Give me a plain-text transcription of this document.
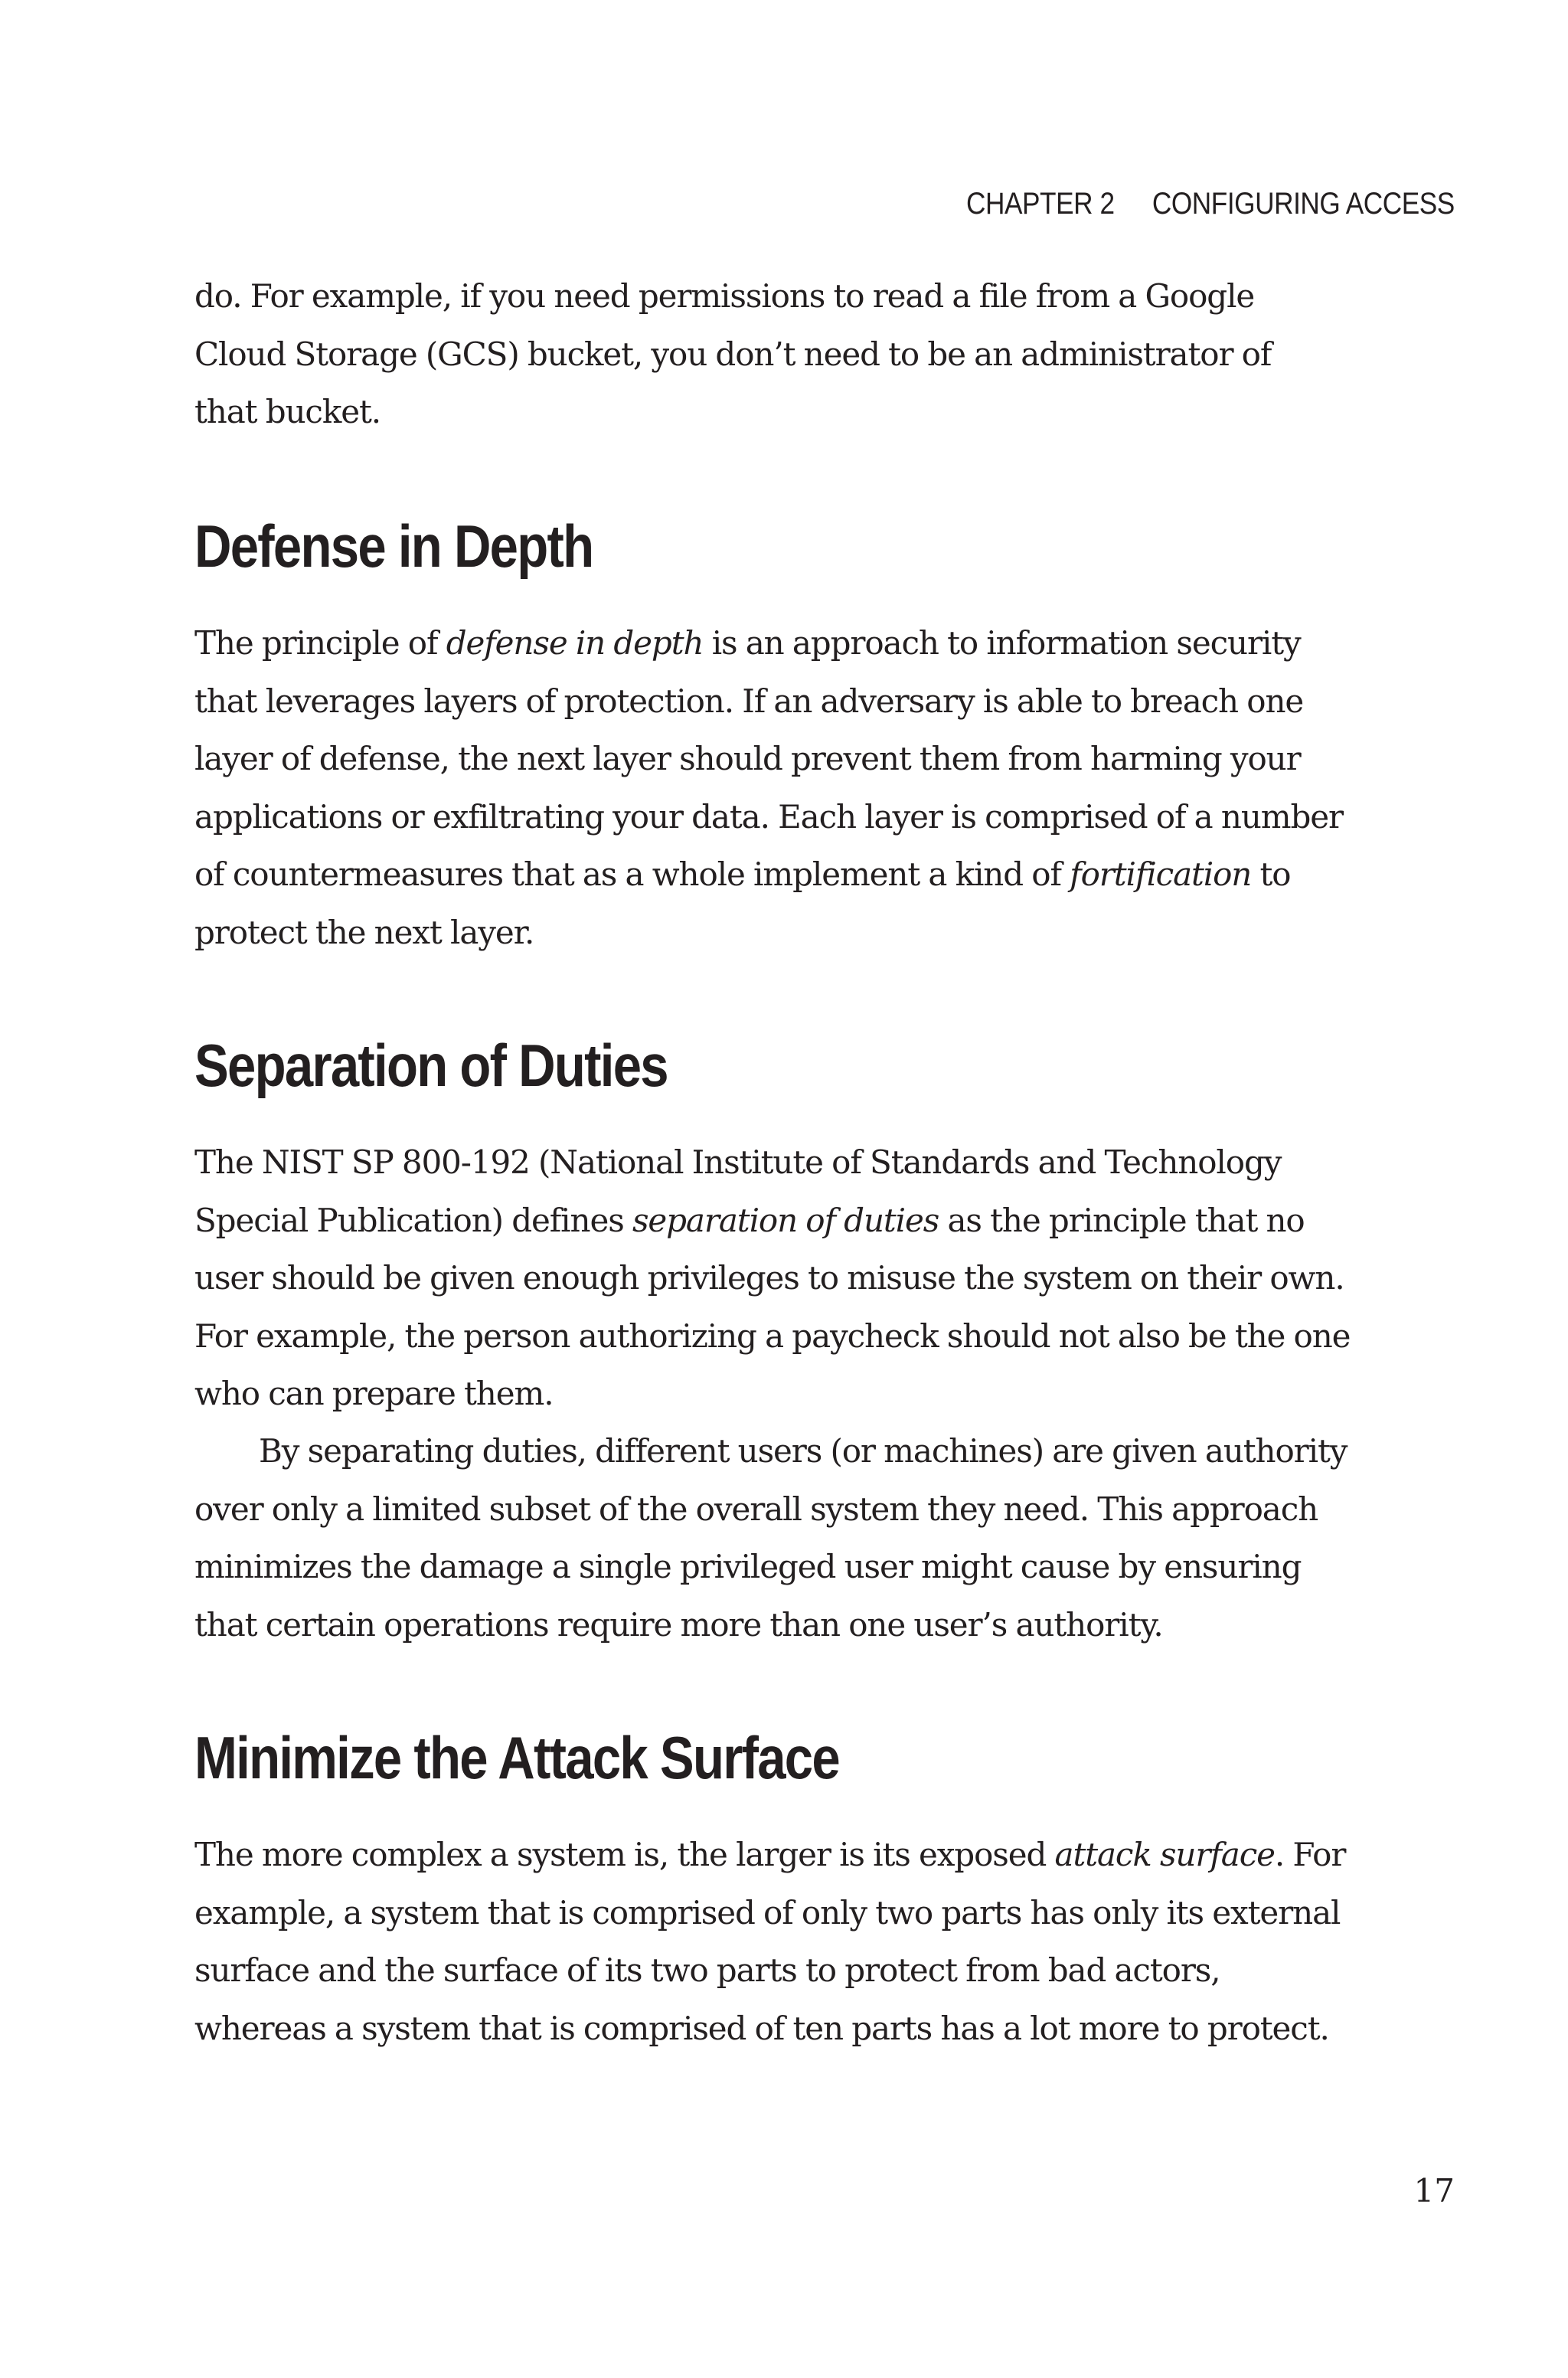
CHAPTER 2 CONFIGURING ACCESS

do. For example, if you need permissions to read a file from a Google
Cloud Storage (GCS) bucket, you don’t need to be an administrator of
that bucket.

Defense in Depth

The principle of defense in depth is an approach to information security
that leverages layers of protection. If an adversary is able to breach one
layer of defense, the next layer should prevent them from harming your
applications or exfiltrating your data. Each layer is comprised of a number
of countermeasures that as a whole implement a kind of fortification to
protect the next layer.

Separation of Duties

The NIST SP 800-192 (National Institute of Standards and Technology
Special Publication) defines separation of duties as the principle that no
user should be given enough privileges to misuse the system on their own.
For example, the person authorizing a paycheck should not also be the one
who can prepare them.

By separating duties, different users (or machines) are given authority
over only a limited subset of the overall system they need. This approach
minimizes the damage a single privileged user might cause by ensuring
that certain operations require more than one user’s authority.

Minimize the Attack Surface

The more complex a system is, the larger is its exposed attack surface. For
example, a system that is comprised of only two parts has only its external
surface and the surface of its two parts to protect from bad actors,
whereas a system that is comprised of ten parts has a lot more to protect.

17
